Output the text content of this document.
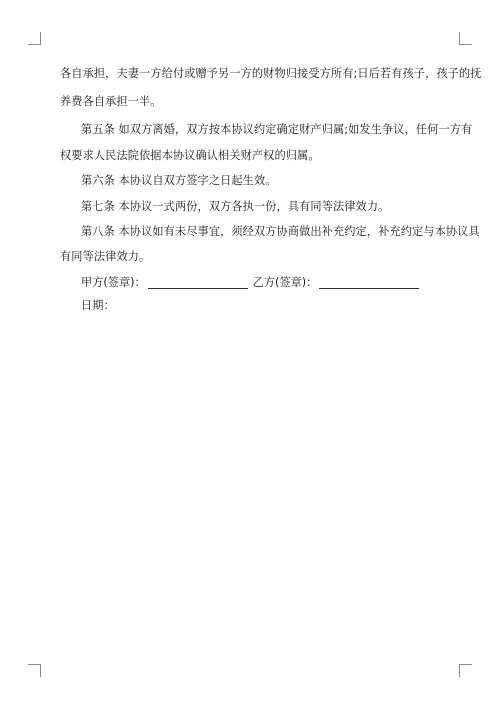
各自承担，夫妻一方给付或赠予另一方的财物归接受方所有;日后若有孩子，孩子的抚
养费各自承担一半。
第五条 如双方离婚，双方按本协议约定确定财产归属;如发生争议，任何一方有
权要求人民法院依据本协议确认相关财产权的归属。
第六条 本协议自双方签字之日起生效。
第七条 本协议一式两份，双方各执一份，具有同等法律效力。
第八条 本协议如有未尽事宜，须经双方协商做出补充约定，补充约定与本协议具
有同等法律效力。
甲方(签章)：	乙方(签章)：
日期：
